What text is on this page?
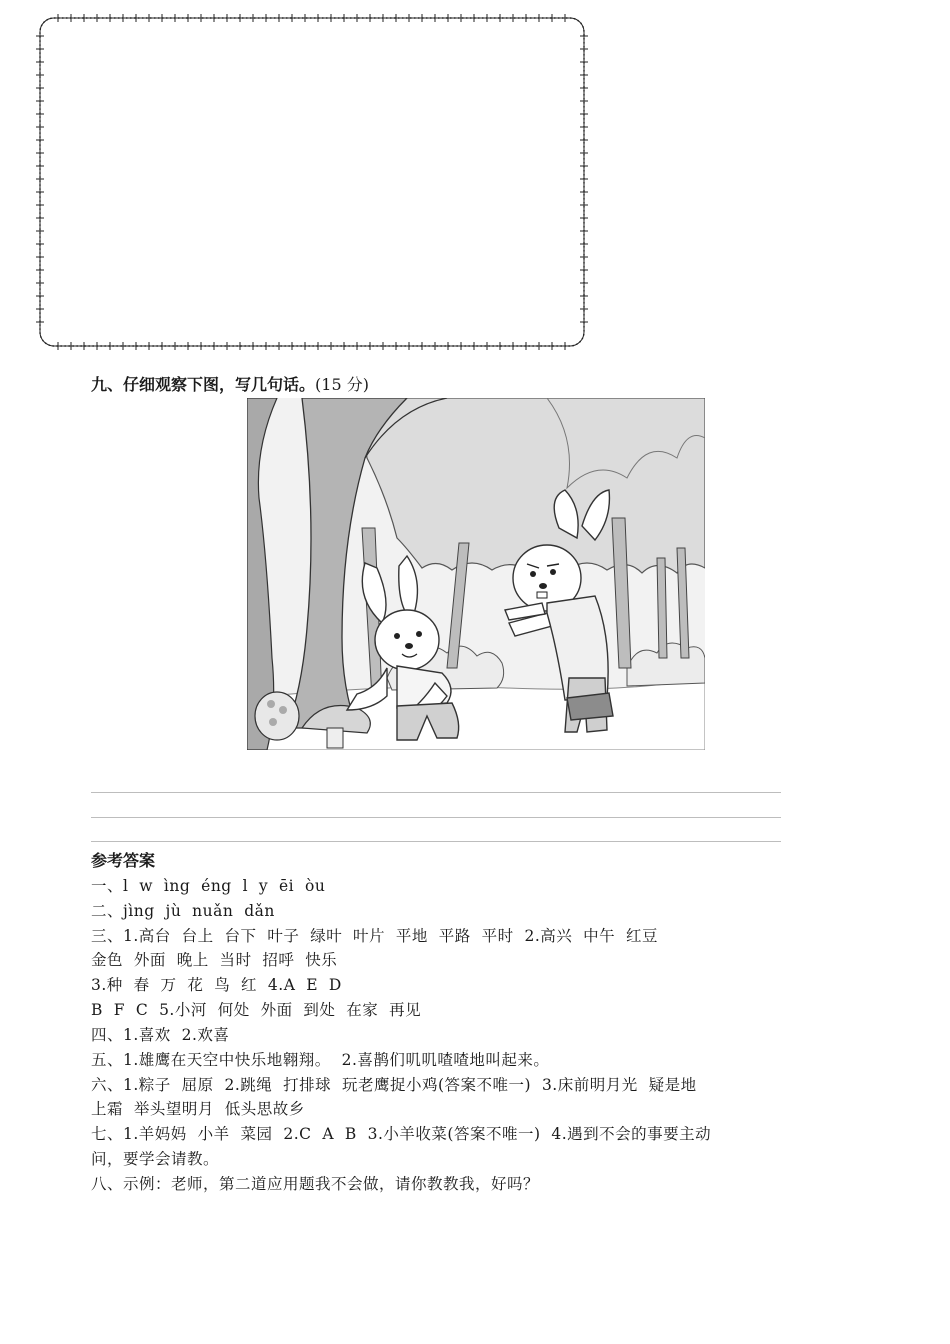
九、仔细观察下图，写几句话。(15 分)
参考答案
一、l  w  ìng  éng  l  y  ēi  òu
二、jìng  jù  nuǎn  dǎn
三、1.高台  台上  台下  叶子  绿叶  叶片  平地  平路  平时  2.高兴  中午  红豆
金色  外面  晚上  当时  招呼  快乐
3.种  春  万  花  鸟  红  4.A  E  D
B  F  C  5.小河  何处  外面  到处  在家  再见
四、1.喜欢  2.欢喜
五、1.雄鹰在天空中快乐地翱翔。  2.喜鹊们叽叽喳喳地叫起来。
六、1.粽子  屈原  2.跳绳  打排球  玩老鹰捉小鸡(答案不唯一)  3.床前明月光  疑是地
上霜  举头望明月  低头思故乡
七、1.羊妈妈  小羊  菜园  2.C  A  B  3.小羊收菜(答案不唯一)  4.遇到不会的事要主动
问，要学会请教。
八、示例：老师，第二道应用题我不会做，请你教教我，好吗？
